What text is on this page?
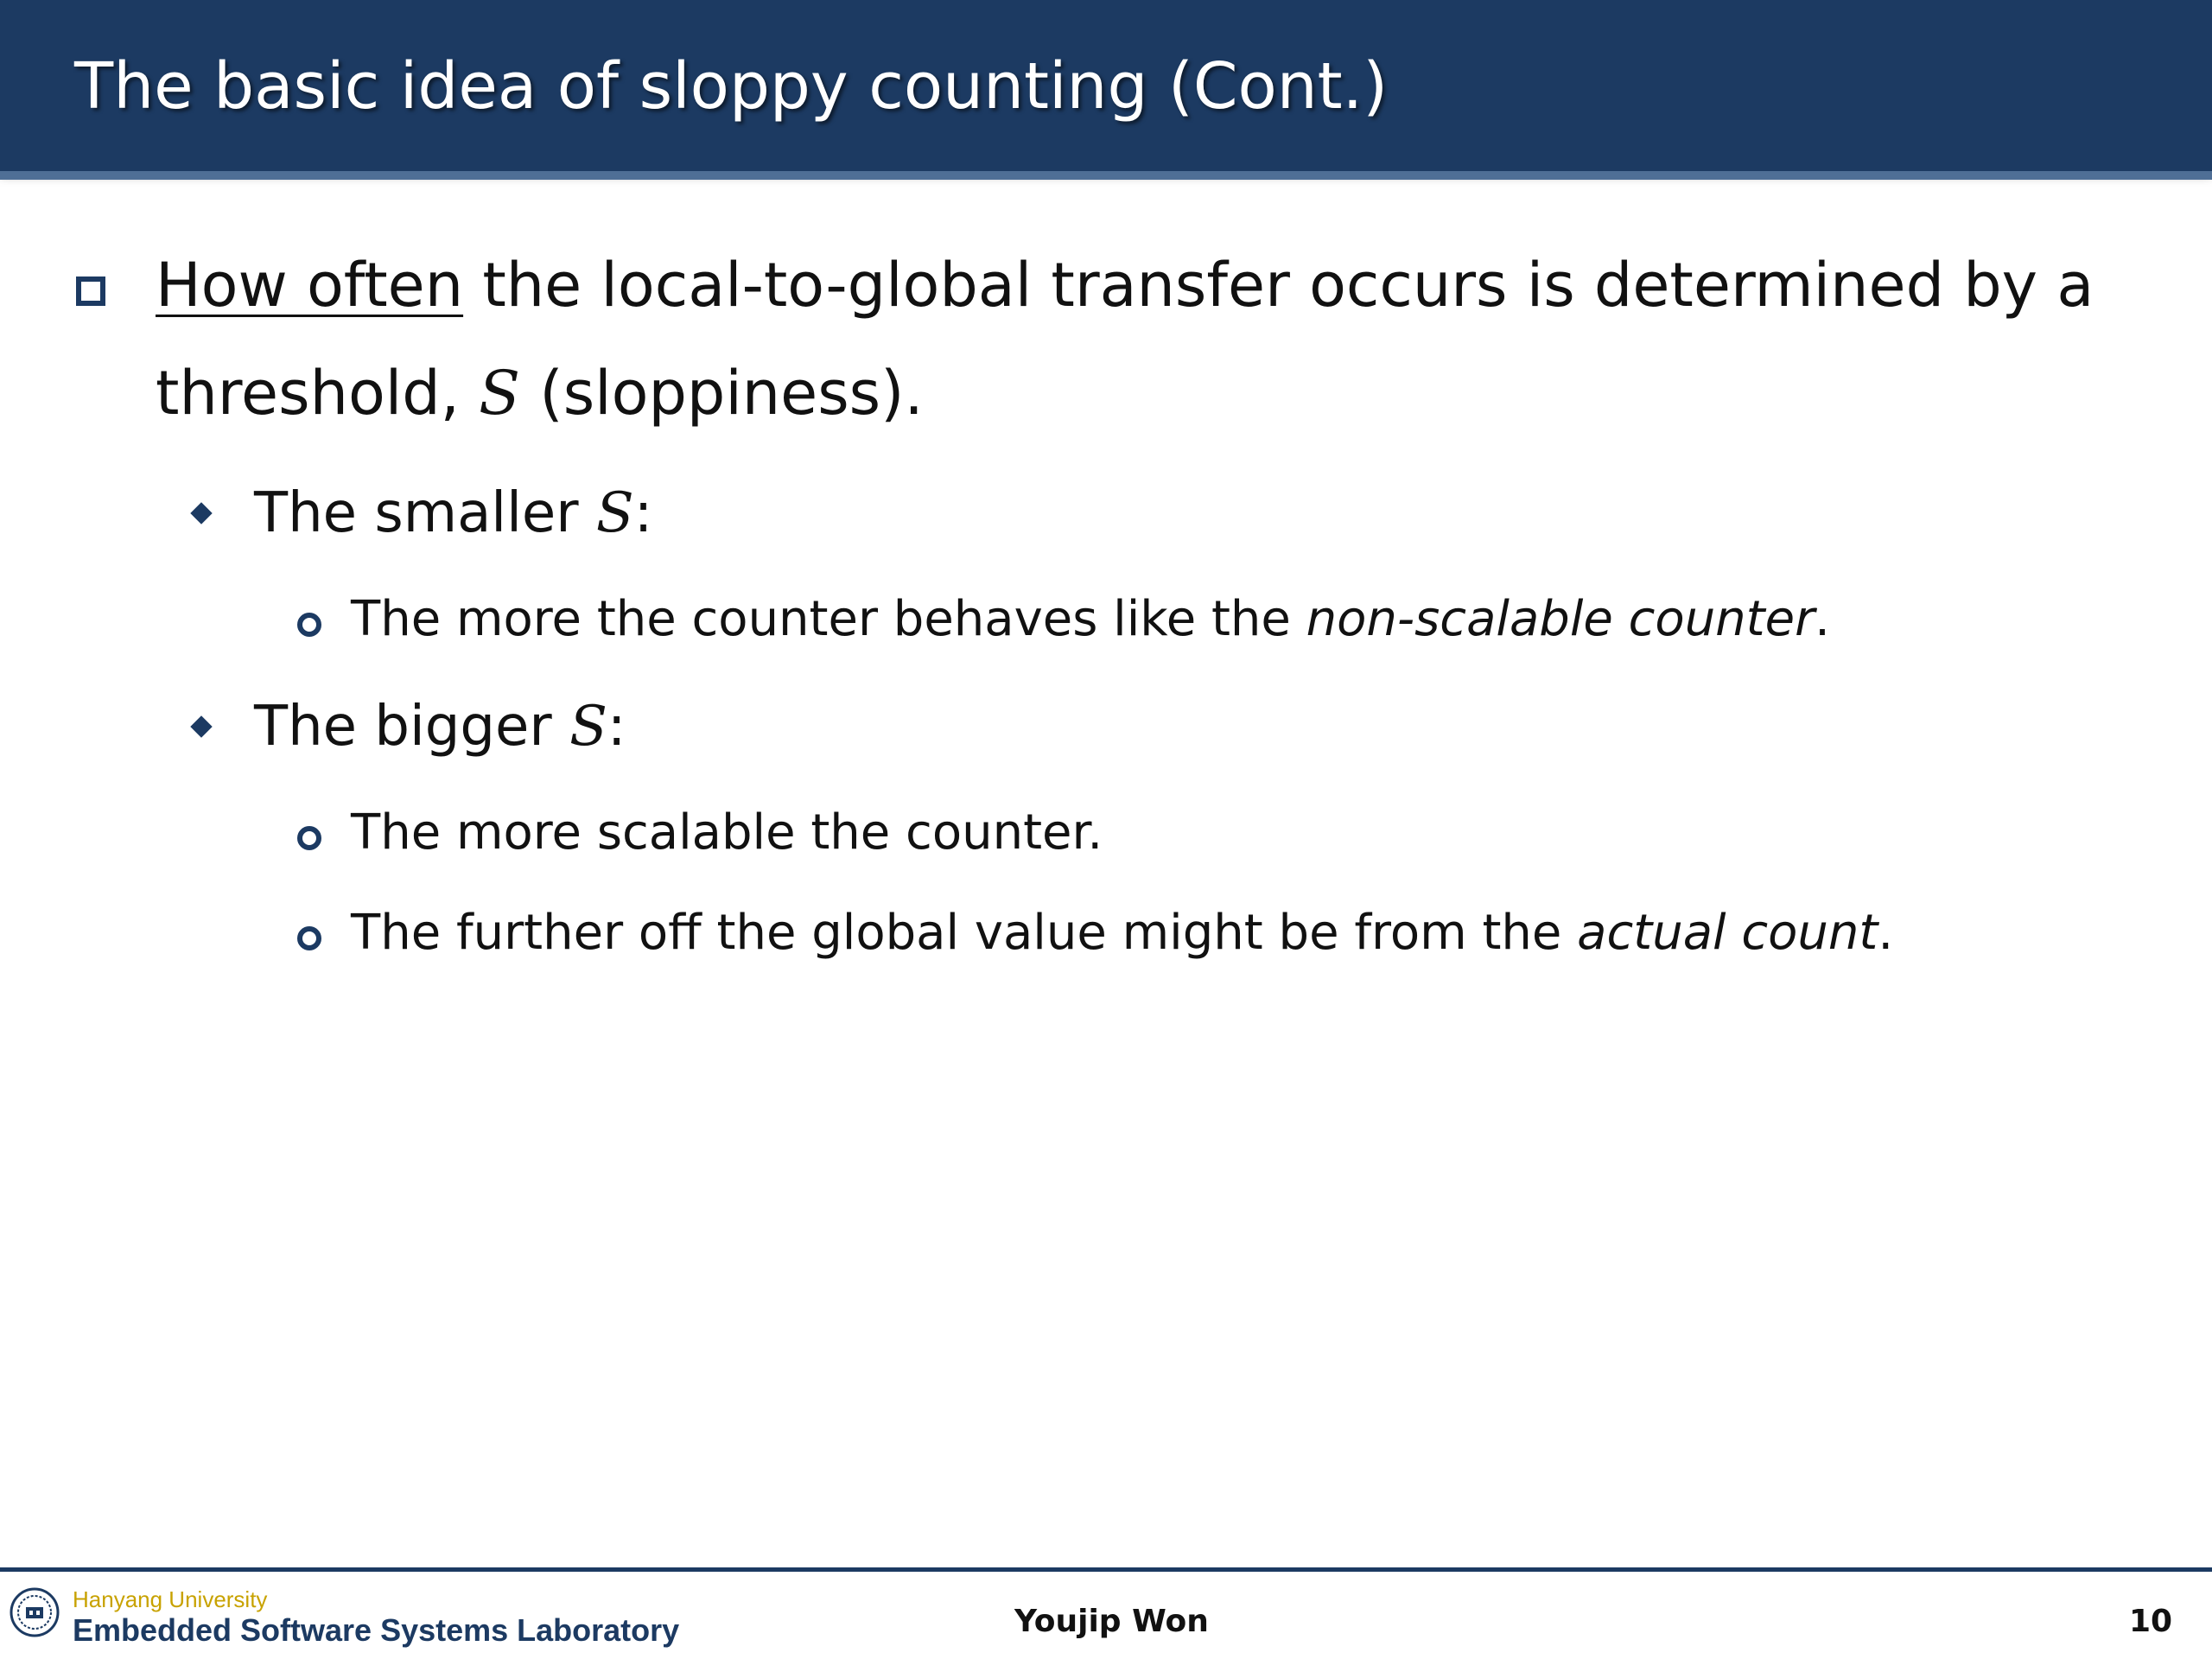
The basic idea of sloppy counting (Cont.)
How often the local-to-global transfer occurs is determined by a
threshold, S (sloppiness).
The smaller S:
The more the counter behaves like the non-scalable counter.
The bigger S:
The more scalable the counter.
The further off the global value might be from the actual count.
Hanyang University
Embedded Software Systems Laboratory	Youjip Won	10
